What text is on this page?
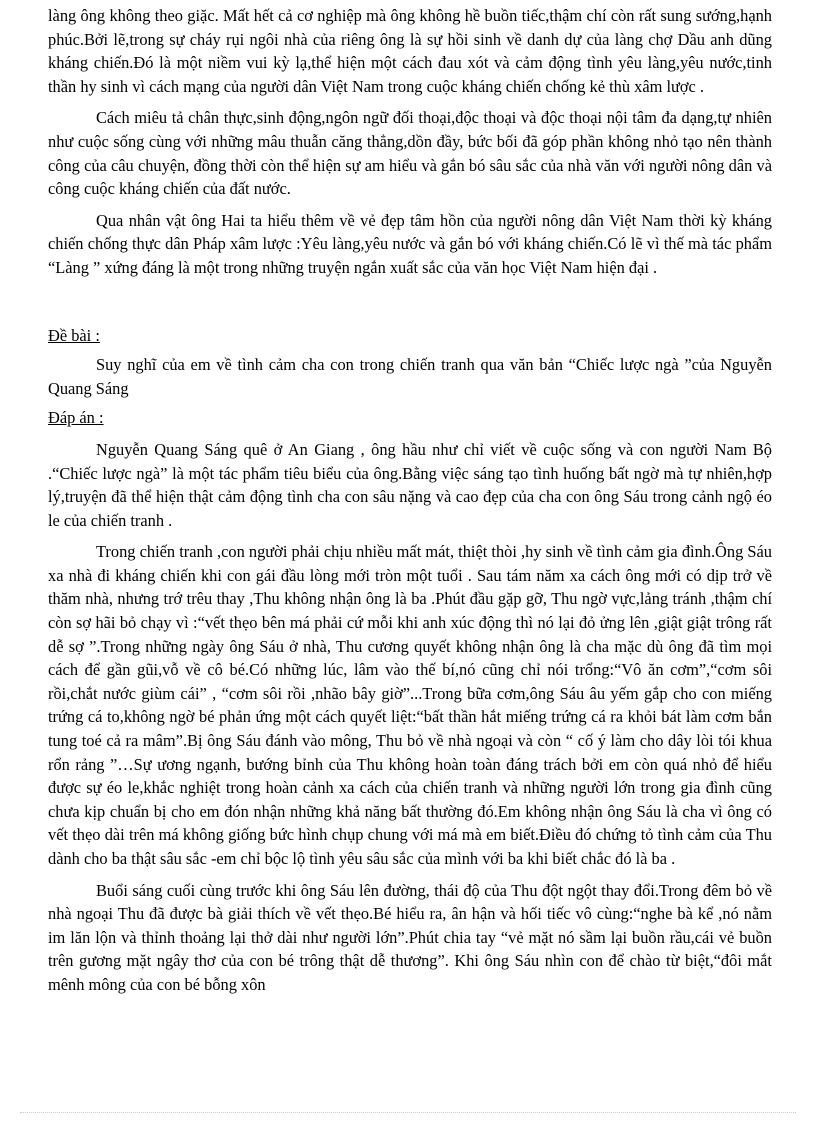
làng ông không theo giặc. Mất hết cả cơ nghiệp mà ông không hề buồn tiếc,thậm chí còn rất sung sướng,hạnh phúc.Bởi lẽ,trong sự cháy rụi ngôi nhà của riêng ông là sự hồi sinh về danh dự của làng chợ Dầu anh dũng kháng chiến.Đó là một niềm vui kỳ lạ,thể hiện một cách đau xót và cảm động tình yêu làng,yêu nước,tinh thần hy sinh vì cách mạng của người dân Việt Nam trong cuộc kháng chiến chống kẻ thù xâm lược .

Cách miêu tả chân thực,sinh động,ngôn ngữ đối thoại,độc thoại và độc thoại nội tâm đa dạng,tự nhiên như cuộc sống cùng với những mâu thuẫn căng thẳng,dồn đầy, bức bối đã góp phần không nhỏ tạo nên thành công của câu chuyện, đồng thời còn thể hiện sự am hiểu và gắn bó sâu sắc của nhà văn với người nông dân và công cuộc kháng chiến của đất nước.

Qua nhân vật ông Hai ta hiểu thêm về vẻ đẹp tâm hồn của người nông dân Việt Nam thời kỳ kháng chiến chống thực dân Pháp xâm lược :Yêu làng,yêu nước và gắn bó với kháng chiến.Có lẽ vì thế mà tác phẩm “Làng ” xứng đáng là một trong những truyện ngắn xuất sắc của văn học Việt Nam hiện đại .

Đề bài :

Suy nghĩ của em về tình cảm cha con trong chiến tranh qua văn bản “Chiếc lược ngà ”của Nguyễn Quang Sáng

Đáp án :

Nguyễn Quang Sáng quê ở An Giang , ông hầu như chỉ viết về cuộc sống và con người Nam Bộ .“Chiếc lược ngà” là một tác phẩm tiêu biểu của ông.Bằng việc sáng tạo tình huống bất ngờ mà tự nhiên,hợp lý,truyện đã thể hiện thật cảm động tình cha con sâu nặng và cao đẹp của cha con ông Sáu trong cảnh ngộ éo le của chiến tranh .

Trong chiến tranh ,con người phải chịu nhiều mất mát, thiệt thòi ,hy sinh về tình cảm gia đình.Ông Sáu xa nhà đi kháng chiến khi con gái đầu lòng mới tròn một tuổi . Sau tám năm xa cách ông mới có dịp trở về thăm nhà, nhưng trớ trêu thay ,Thu không nhận ông là ba .Phút đầu gặp gỡ, Thu ngờ vực,lảng tránh ,thậm chí còn sợ hãi bỏ chạy vì :“vết thẹo bên má phải cứ mỗi khi anh xúc động thì nó lại đỏ ửng lên ,giật giật trông rất dễ sợ ”.Trong những ngày ông Sáu ở nhà, Thu cương quyết không nhận ông là cha mặc dù ông đã tìm mọi cách để gần gũi,vỗ về cô bé.Có những lúc, lâm vào thế bí,nó cũng chỉ nói trổng:“Vô ăn cơm”,“cơm sôi rồi,chắt nước giùm cái” , “cơm sôi rồi ,nhão bây giờ”...Trong bữa cơm,ông Sáu âu yếm gắp cho con miếng trứng cá to,không ngờ bé phản ứng một cách quyết liệt:“bất thần hắt miếng trứng cá ra khỏi bát làm cơm bắn tung toé cả ra mâm”.Bị ông Sáu đánh vào mông, Thu bỏ về nhà ngoại và còn “ cố ý làm cho dây lòi tói khua rổn rảng ”…Sự ương ngạnh, bướng bỉnh của Thu không hoàn toàn đáng trách bởi em còn quá nhỏ để hiểu được sự éo le,khắc nghiệt trong hoàn cảnh xa cách của chiến tranh và những người lớn trong gia đình cũng chưa kịp chuẩn bị cho em đón nhận những khả năng bất thường đó.Em không nhận ông Sáu là cha vì ông có vết thẹo dài trên má không giống bức hình chụp chung với má mà em biết.Điều đó chứng tỏ tình cảm của Thu dành cho ba thật sâu sắc -em chỉ bộc lộ tình yêu sâu sắc của mình với ba khi biết chắc đó là ba .

Buổi sáng cuối cùng trước khi ông Sáu lên đường, thái độ của Thu đột ngột thay đổi.Trong đêm bỏ về nhà ngoại Thu đã được bà giải thích về vết thẹo.Bé hiểu ra, ân hận và hối tiếc vô cùng:“nghe bà kể ,nó nằm im lăn lộn và thỉnh thoảng lại thở dài như người lớn”.Phút chia tay “vẻ mặt nó sầm lại buồn rầu,cái vẻ buồn trên gương mặt ngây thơ của con bé trông thật dễ thương”. Khi ông Sáu nhìn con để chào từ biệt,“đôi mắt mênh mông của con bé bỗng xôn
